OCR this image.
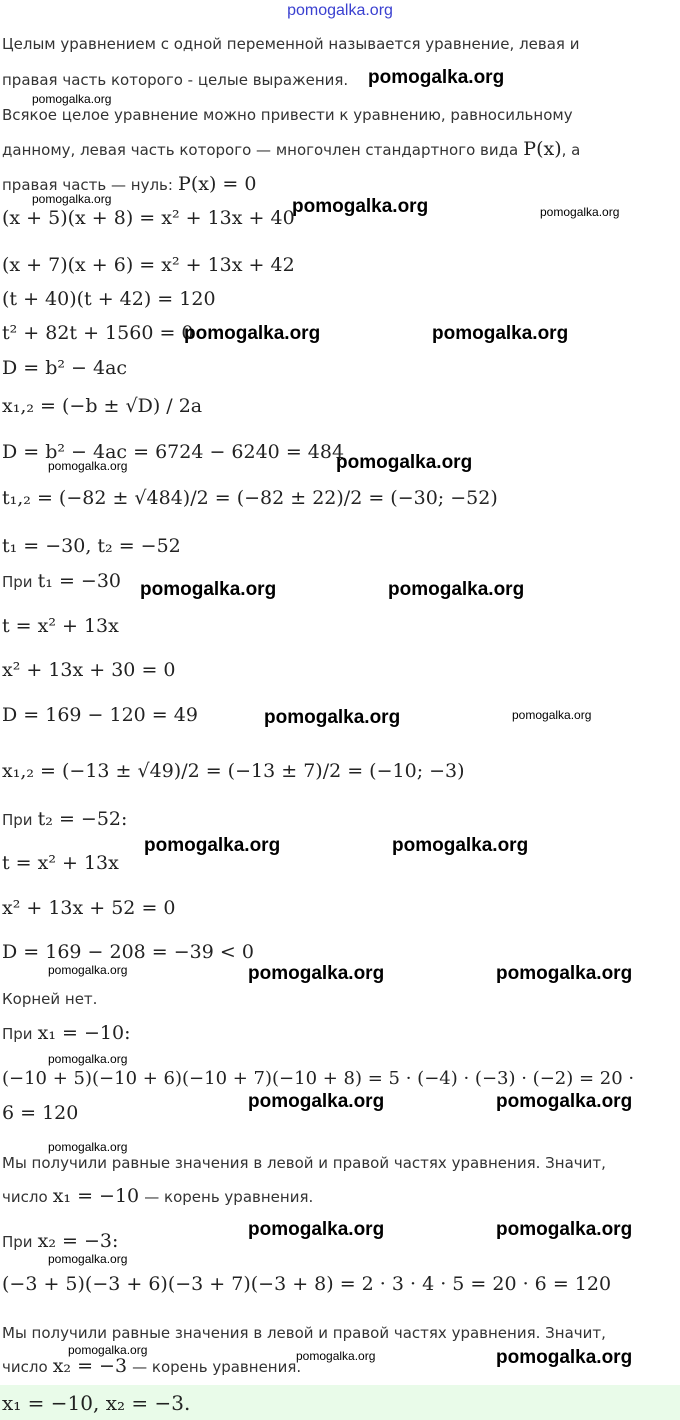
pomogalka.org
Целым уравнением с одной переменной называется уравнение, левая и
правая часть которого - целые выражения.
Всякое целое уравнение можно привести к уравнению, равносильному
данному, левая часть которого — многочлен стандартного вида P(x), а
правая часть — нуль: P(x) = 0
(x + 5)(x + 8) = x² + 13x + 40
(x + 7)(x + 6) = x² + 13x + 42
(t + 40)(t + 42) = 120
t² + 82t + 1560 = 0
D = b² − 4ac
x₁,₂ = (−b ± √D) / 2a
D = b² − 4ac = 6724 − 6240 = 484
t₁,₂ = (−82 ± √484)/2 = (−82 ± 22)/2 = (−30; −52)
t₁ = −30, t₂ = −52
При t₁ = −30
t = x² + 13x
x² + 13x + 30 = 0
D = 169 − 120 = 49
x₁,₂ = (−13 ± √49)/2 = (−13 ± 7)/2 = (−10; −3)
При t₂ = −52:
t = x² + 13x
x² + 13x + 52 = 0
D = 169 − 208 = −39 < 0
Корней нет.
При x₁ = −10:
(−10 + 5)(−10 + 6)(−10 + 7)(−10 + 8) = 5 · (−4) · (−3) · (−2) = 20 ·
6 = 120
Мы получили равные значения в левой и правой частях уравнения. Значит,
число x₁ = −10 — корень уравнения.
При x₂ = −3:
(−3 + 5)(−3 + 6)(−3 + 7)(−3 + 8) = 2 · 3 · 4 · 5 = 20 · 6 = 120
Мы получили равные значения в левой и правой частях уравнения. Значит,
число x₂ = −3 — корень уравнения.
x₁ = −10, x₂ = −3.
pomogalka.org
pomogalka.org
pomogalka.org	pomogalka.org
pomogalka.org
pomogalka.org	pomogalka.org
pomogalka.org
pomogalka.org	pomogalka.org
pomogalka.org	pomogalka.org
pomogalka.org	pomogalka.org
pomogalka.org	pomogalka.org
pomogalka.org
pomogalka.org
pomogalka.org
pomogalka.org
pomogalka.org
pomogalka.org
pomogalka.org
pomogalka.org
pomogalka.org
pomogalka.org
pomogalka.org	pomogalka.org
